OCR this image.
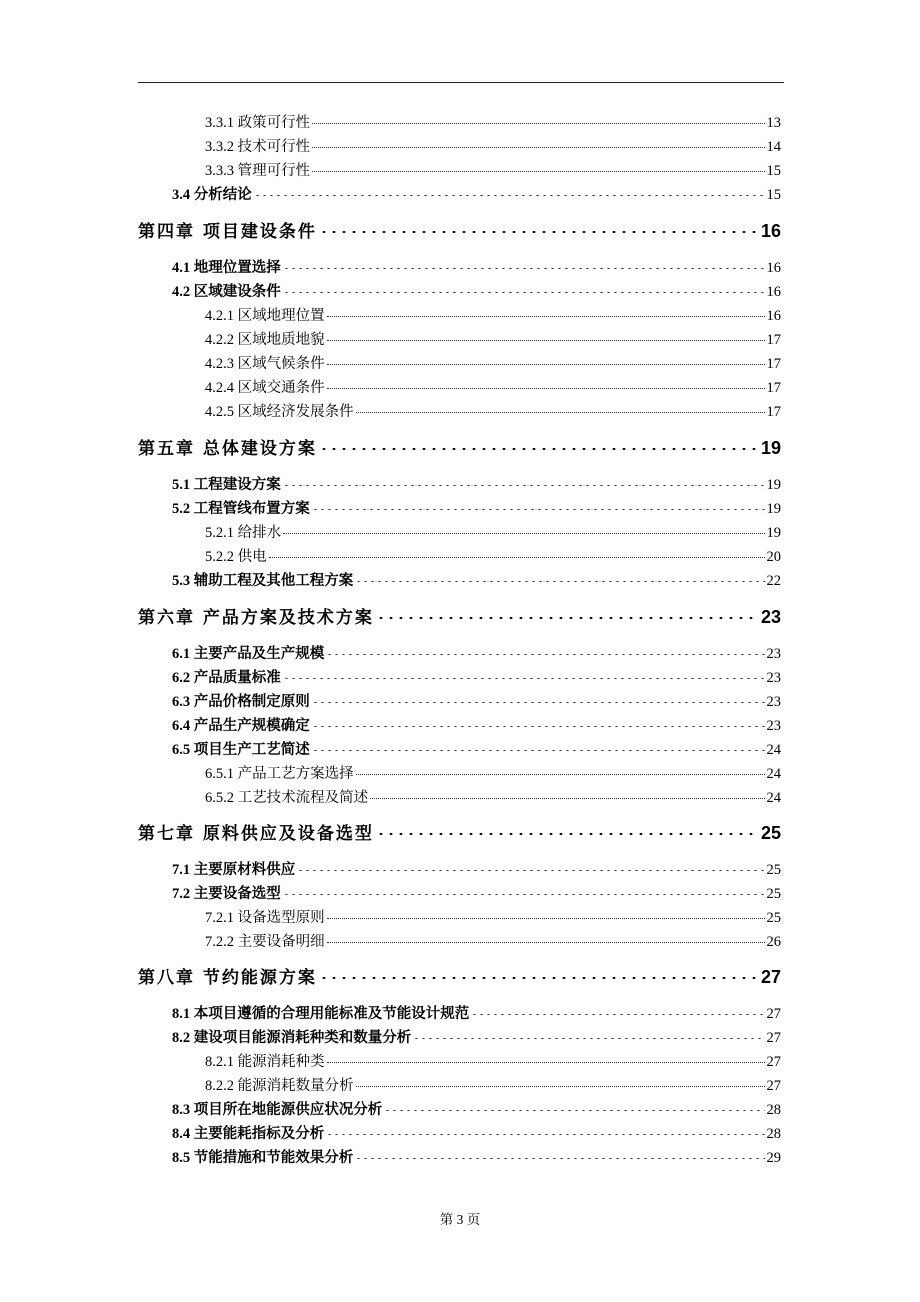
3.3.1 政策可行性	13
3.3.2 技术可行性	14
3.3.3 管理可行性	15
3.4 分析结论	15
第四章 项目建设条件	16
4.1 地理位置选择	16
4.2 区域建设条件	16
4.2.1 区域地理位置	16
4.2.2 区域地质地貌	17
4.2.3 区域气候条件	17
4.2.4 区域交通条件	17
4.2.5 区域经济发展条件	17
第五章 总体建设方案	19
5.1 工程建设方案	19
5.2 工程管线布置方案	19
5.2.1 给排水	19
5.2.2 供电	20
5.3 辅助工程及其他工程方案	22
第六章 产品方案及技术方案	23
6.1 主要产品及生产规模	23
6.2 产品质量标准	23
6.3 产品价格制定原则	23
6.4 产品生产规模确定	23
6.5 项目生产工艺简述	24
6.5.1 产品工艺方案选择	24
6.5.2 工艺技术流程及简述	24
第七章 原料供应及设备选型	25
7.1 主要原材料供应	25
7.2 主要设备选型	25
7.2.1 设备选型原则	25
7.2.2 主要设备明细	26
第八章 节约能源方案	27
8.1 本项目遵循的合理用能标准及节能设计规范	27
8.2 建设项目能源消耗种类和数量分析	27
8.2.1 能源消耗种类	27
8.2.2 能源消耗数量分析	27
8.3 项目所在地能源供应状况分析	28
8.4 主要能耗指标及分析	28
8.5 节能措施和节能效果分析	29
第 3 页
